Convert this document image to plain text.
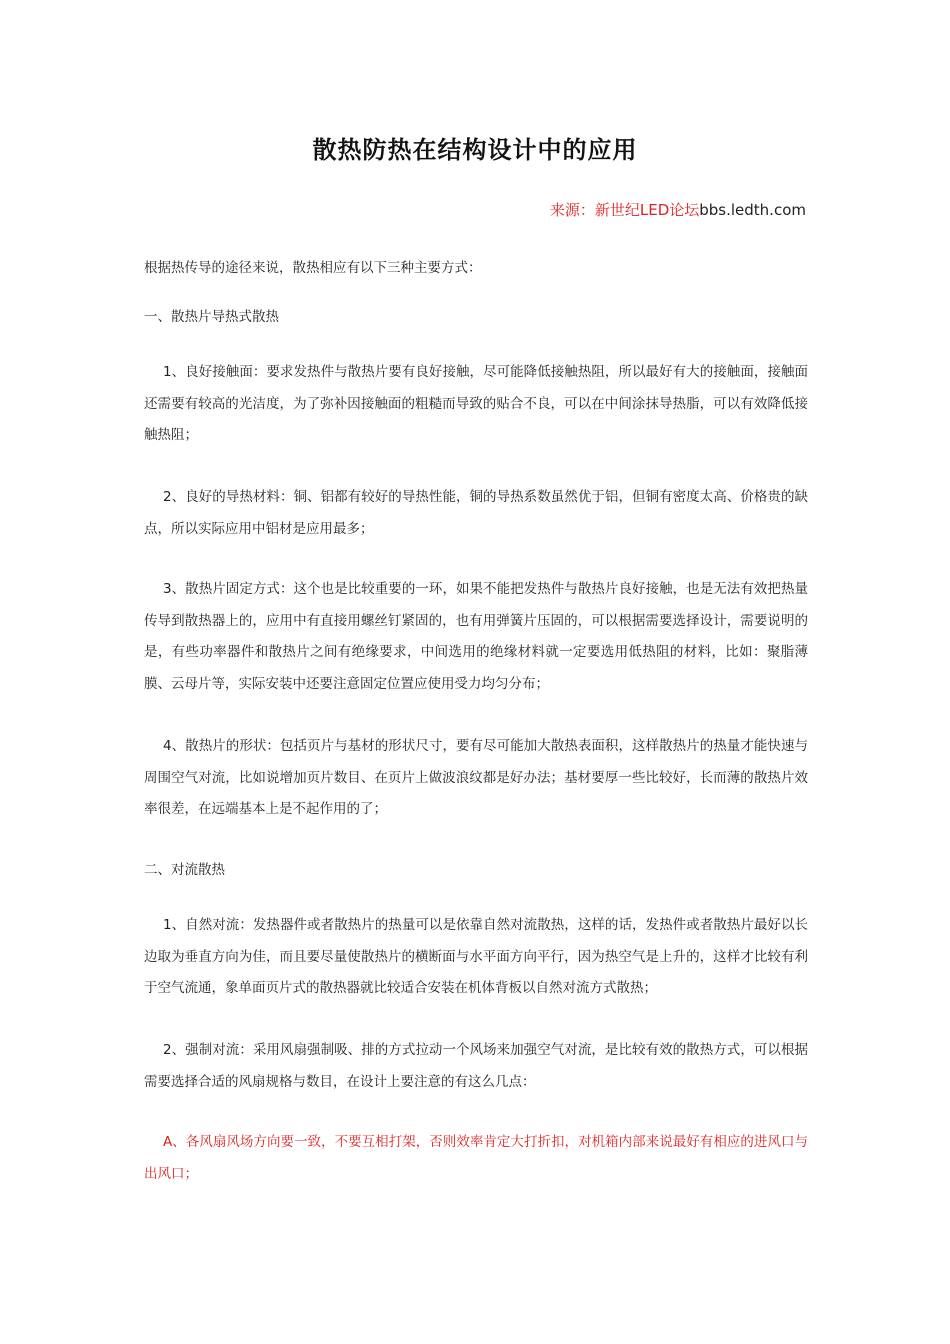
散热防热在结构设计中的应用
来源：新世纪LED论坛bbs.ledth.com
根据热传导的途径来说，散热相应有以下三种主要方式：
一、散热片导热式散热
1、良好接触面：要求发热件与散热片要有良好接触，尽可能降低接触热阻，所以最好有大的接触面，接触面还需要有较高的光洁度，为了弥补因接触面的粗糙而导致的贴合不良，可以在中间涂抹导热脂，可以有效降低接触热阻；
2、良好的导热材料：铜、铝都有较好的导热性能，铜的导热系数虽然优于铝，但铜有密度太高、价格贵的缺点，所以实际应用中铝材是应用最多；
3、散热片固定方式：这个也是比较重要的一环，如果不能把发热件与散热片良好接触，也是无法有效把热量传导到散热器上的，应用中有直接用螺丝钉紧固的，也有用弹簧片压固的，可以根据需要选择设计，需要说明的是，有些功率器件和散热片之间有绝缘要求，中间选用的绝缘材料就一定要选用低热阻的材料，比如：聚脂薄膜、云母片等，实际安装中还要注意固定位置应使用受力均匀分布；
4、散热片的形状：包括页片与基材的形状尺寸，要有尽可能加大散热表面积，这样散热片的热量才能快速与周围空气对流，比如说增加页片数目、在页片上做波浪纹都是好办法；基材要厚一些比较好，长而薄的散热片效率很差，在远端基本上是不起作用的了；
二、对流散热
1、自然对流：发热器件或者散热片的热量可以是依靠自然对流散热，这样的话，发热件或者散热片最好以长边取为垂直方向为佳，而且要尽量使散热片的横断面与水平面方向平行，因为热空气是上升的，这样才比较有利于空气流通，象单面页片式的散热器就比较适合安装在机体背板以自然对流方式散热；
2、强制对流：采用风扇强制吸、排的方式拉动一个风场来加强空气对流，是比较有效的散热方式，可以根据需要选择合适的风扇规格与数目，在设计上要注意的有这么几点：
A、各风扇风场方向要一致，不要互相打架，否则效率肯定大打折扣，对机箱内部来说最好有相应的进风口与出风口；
